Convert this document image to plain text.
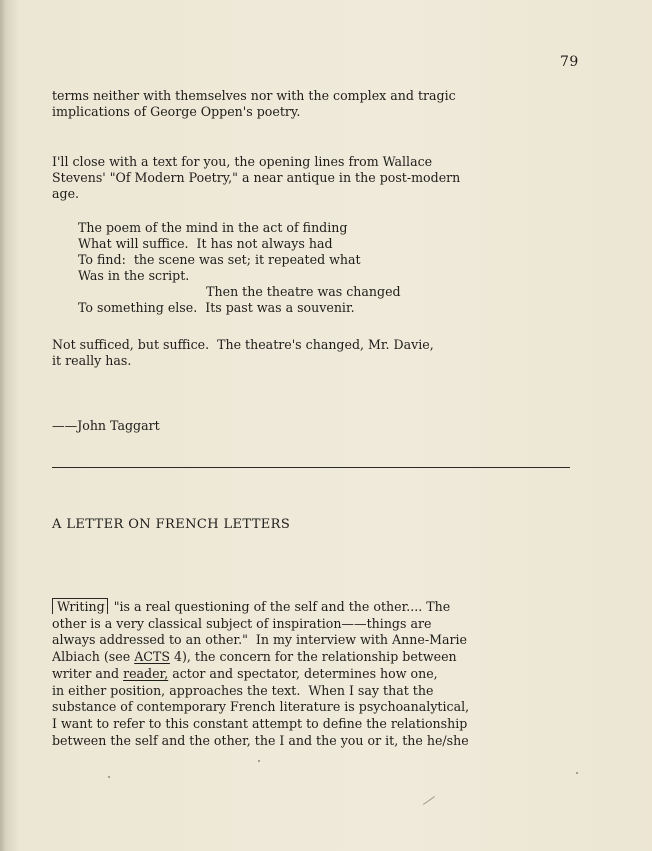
79

terms neither with themselves nor with the complex and tragic
implications of George Oppen's poetry.

I'll close with a text for you, the opening lines from Wallace
Stevens' "Of Modern Poetry," a near antique in the post-modern
age.

The poem of the mind in the act of finding
What will suffice.  It has not always had
To find:  the scene was set; it repeated what
Was in the script.
Then the theatre was changed
To something else.  Its past was a souvenir.

Not sufficed, but suffice.  The theatre's changed, Mr. Davie,
it really has.

——John Taggart

A LETTER ON FRENCH LETTERS

Writing "is a real questioning of the self and the other.... The
other is a very classical subject of inspiration——things are
always addressed to an other."  In my interview with Anne-Marie
Albiach (see ACTS 4), the concern for the relationship between
writer and reader, actor and spectator, determines how one,
in either position, approaches the text.  When I say that the
substance of contemporary French literature is psychoanalytical,
I want to refer to this constant attempt to define the relationship
between the self and the other, the I and the you or it, the he/she
